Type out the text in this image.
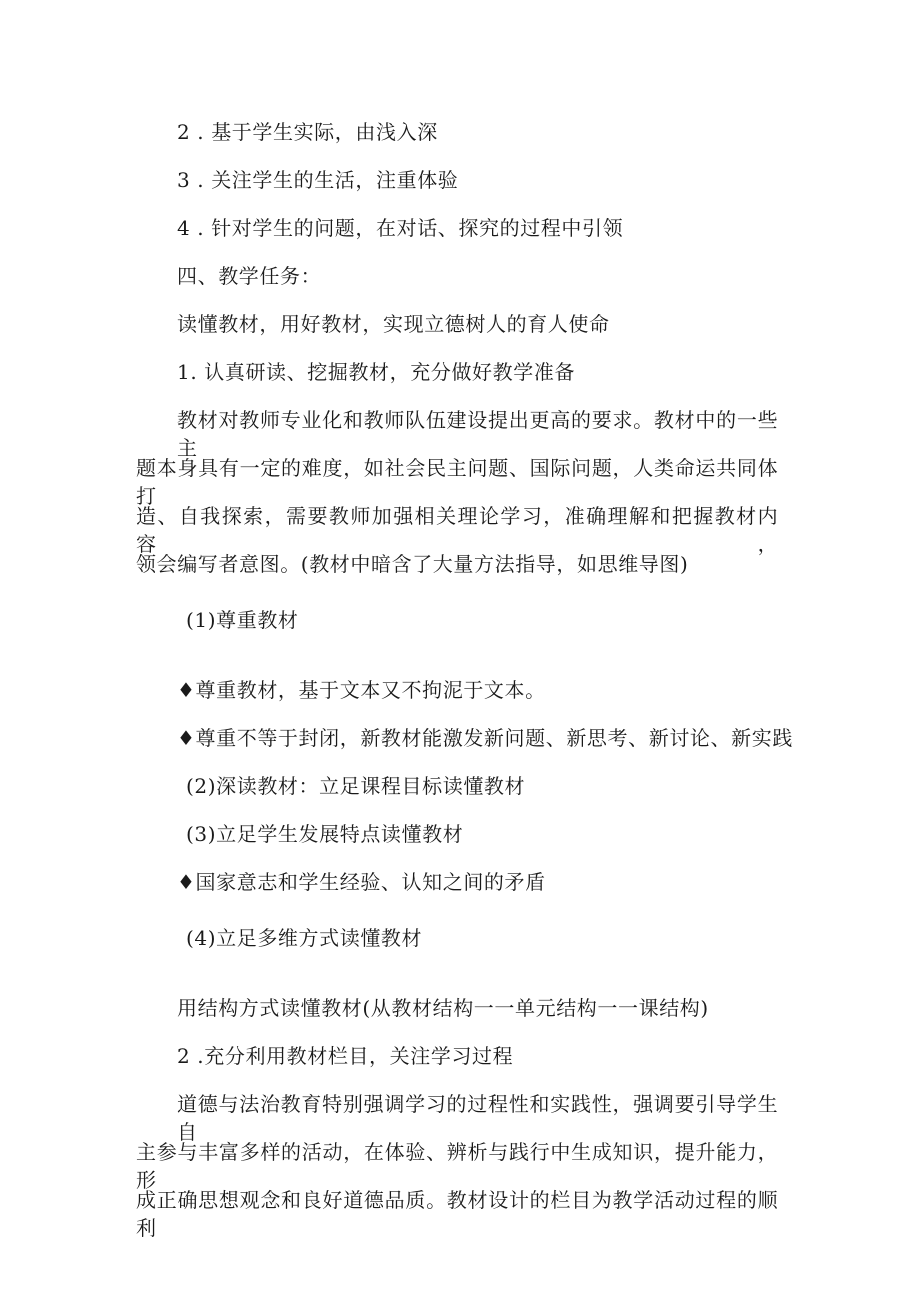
2 . 基于学生实际，由浅入深
3 . 关注学生的生活，注重体验
4 . 针对学生的问题，在对话、探究的过程中引领
四、教学任务：
读懂教材，用好教材，实现立德树人的育人使命
1. 认真研读、挖掘教材，充分做好教学准备
教材对教师专业化和教师队伍建设提出更高的要求。教材中的一些主
题本身具有一定的难度，如社会民主问题、国际问题，人类命运共同体打
造、自我探索，需要教师加强相关理论学习，准确理解和把握教材内容，
领会编写者意图。(教材中暗含了大量方法指导，如思维导图)
(1)尊重教材
♦尊重教材，基于文本又不拘泥于文本。
♦尊重不等于封闭，新教材能激发新问题、新思考、新讨论、新实践
(2)深读教材：立足课程目标读懂教材
(3)立足学生发展特点读懂教材
♦国家意志和学生经验、认知之间的矛盾
(4)立足多维方式读懂教材
用结构方式读懂教材(从教材结构一一单元结构一一课结构)
2 .充分利用教材栏目，关注学习过程
道德与法治教育特别强调学习的过程性和实践性，强调要引导学生自
主参与丰富多样的活动，在体验、辨析与践行中生成知识，提升能力，形
成正确思想观念和良好道德品质。教材设计的栏目为教学活动过程的顺利
